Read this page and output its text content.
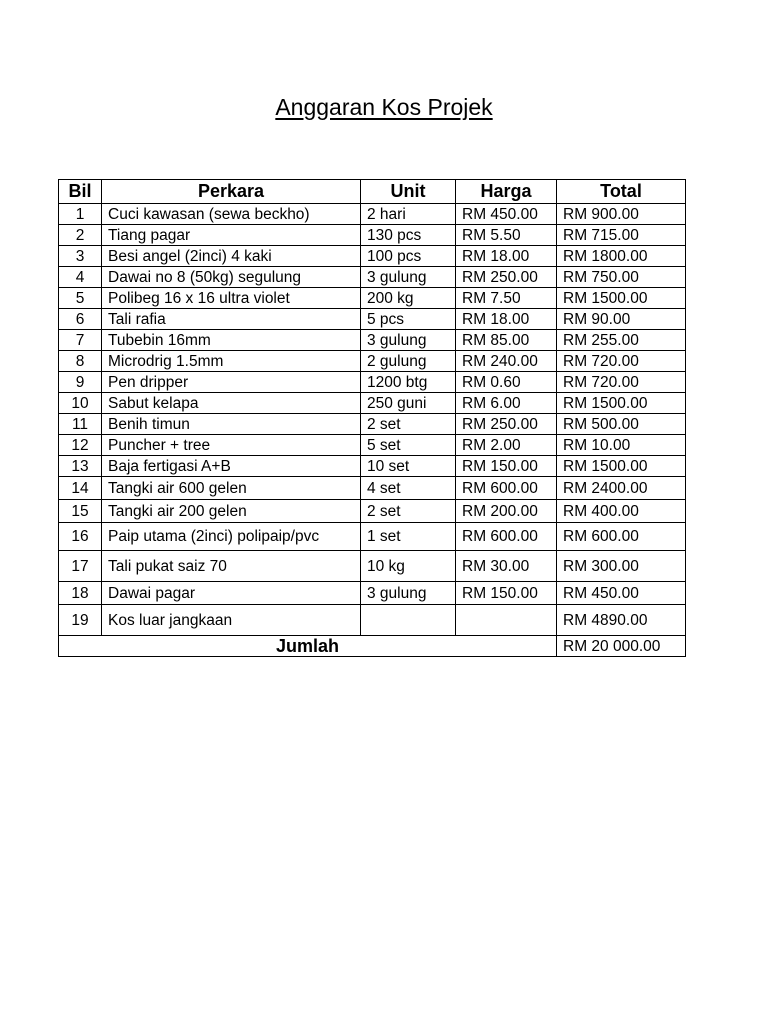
Anggaran Kos Projek
Bil	Perkara	Unit	Harga	Total
1	Cuci kawasan (sewa beckho)	2 hari	RM 450.00	RM 900.00
2	Tiang pagar	130 pcs	RM 5.50	RM 715.00
3	Besi angel (2inci) 4 kaki	100 pcs	RM 18.00	RM 1800.00
4	Dawai no 8 (50kg) segulung	3 gulung	RM 250.00	RM 750.00
5	Polibeg 16 x 16 ultra violet	200 kg	RM 7.50	RM 1500.00
6	Tali rafia	5 pcs	RM 18.00	RM 90.00
7	Tubebin 16mm	3 gulung	RM 85.00	RM 255.00
8	Microdrig 1.5mm	2 gulung	RM 240.00	RM 720.00
9	Pen dripper	1200 btg	RM 0.60	RM 720.00
10	Sabut kelapa	250 guni	RM 6.00	RM 1500.00
11	Benih timun	2 set	RM 250.00	RM 500.00
12	Puncher + tree	5 set	RM 2.00	RM 10.00
13	Baja fertigasi A+B	10 set	RM 150.00	RM 1500.00
14	Tangki air 600 gelen	4 set	RM 600.00	RM 2400.00
15	Tangki air 200 gelen	2 set	RM 200.00	RM 400.00
16	Paip utama (2inci) polipaip/pvc	1 set	RM 600.00	RM 600.00
17	Tali pukat saiz 70	10 kg	RM 30.00	RM 300.00
18	Dawai pagar	3 gulung	RM 150.00	RM 450.00
19	Kos luar jangkaan			RM 4890.00
Jumlah				RM 20 000.00
